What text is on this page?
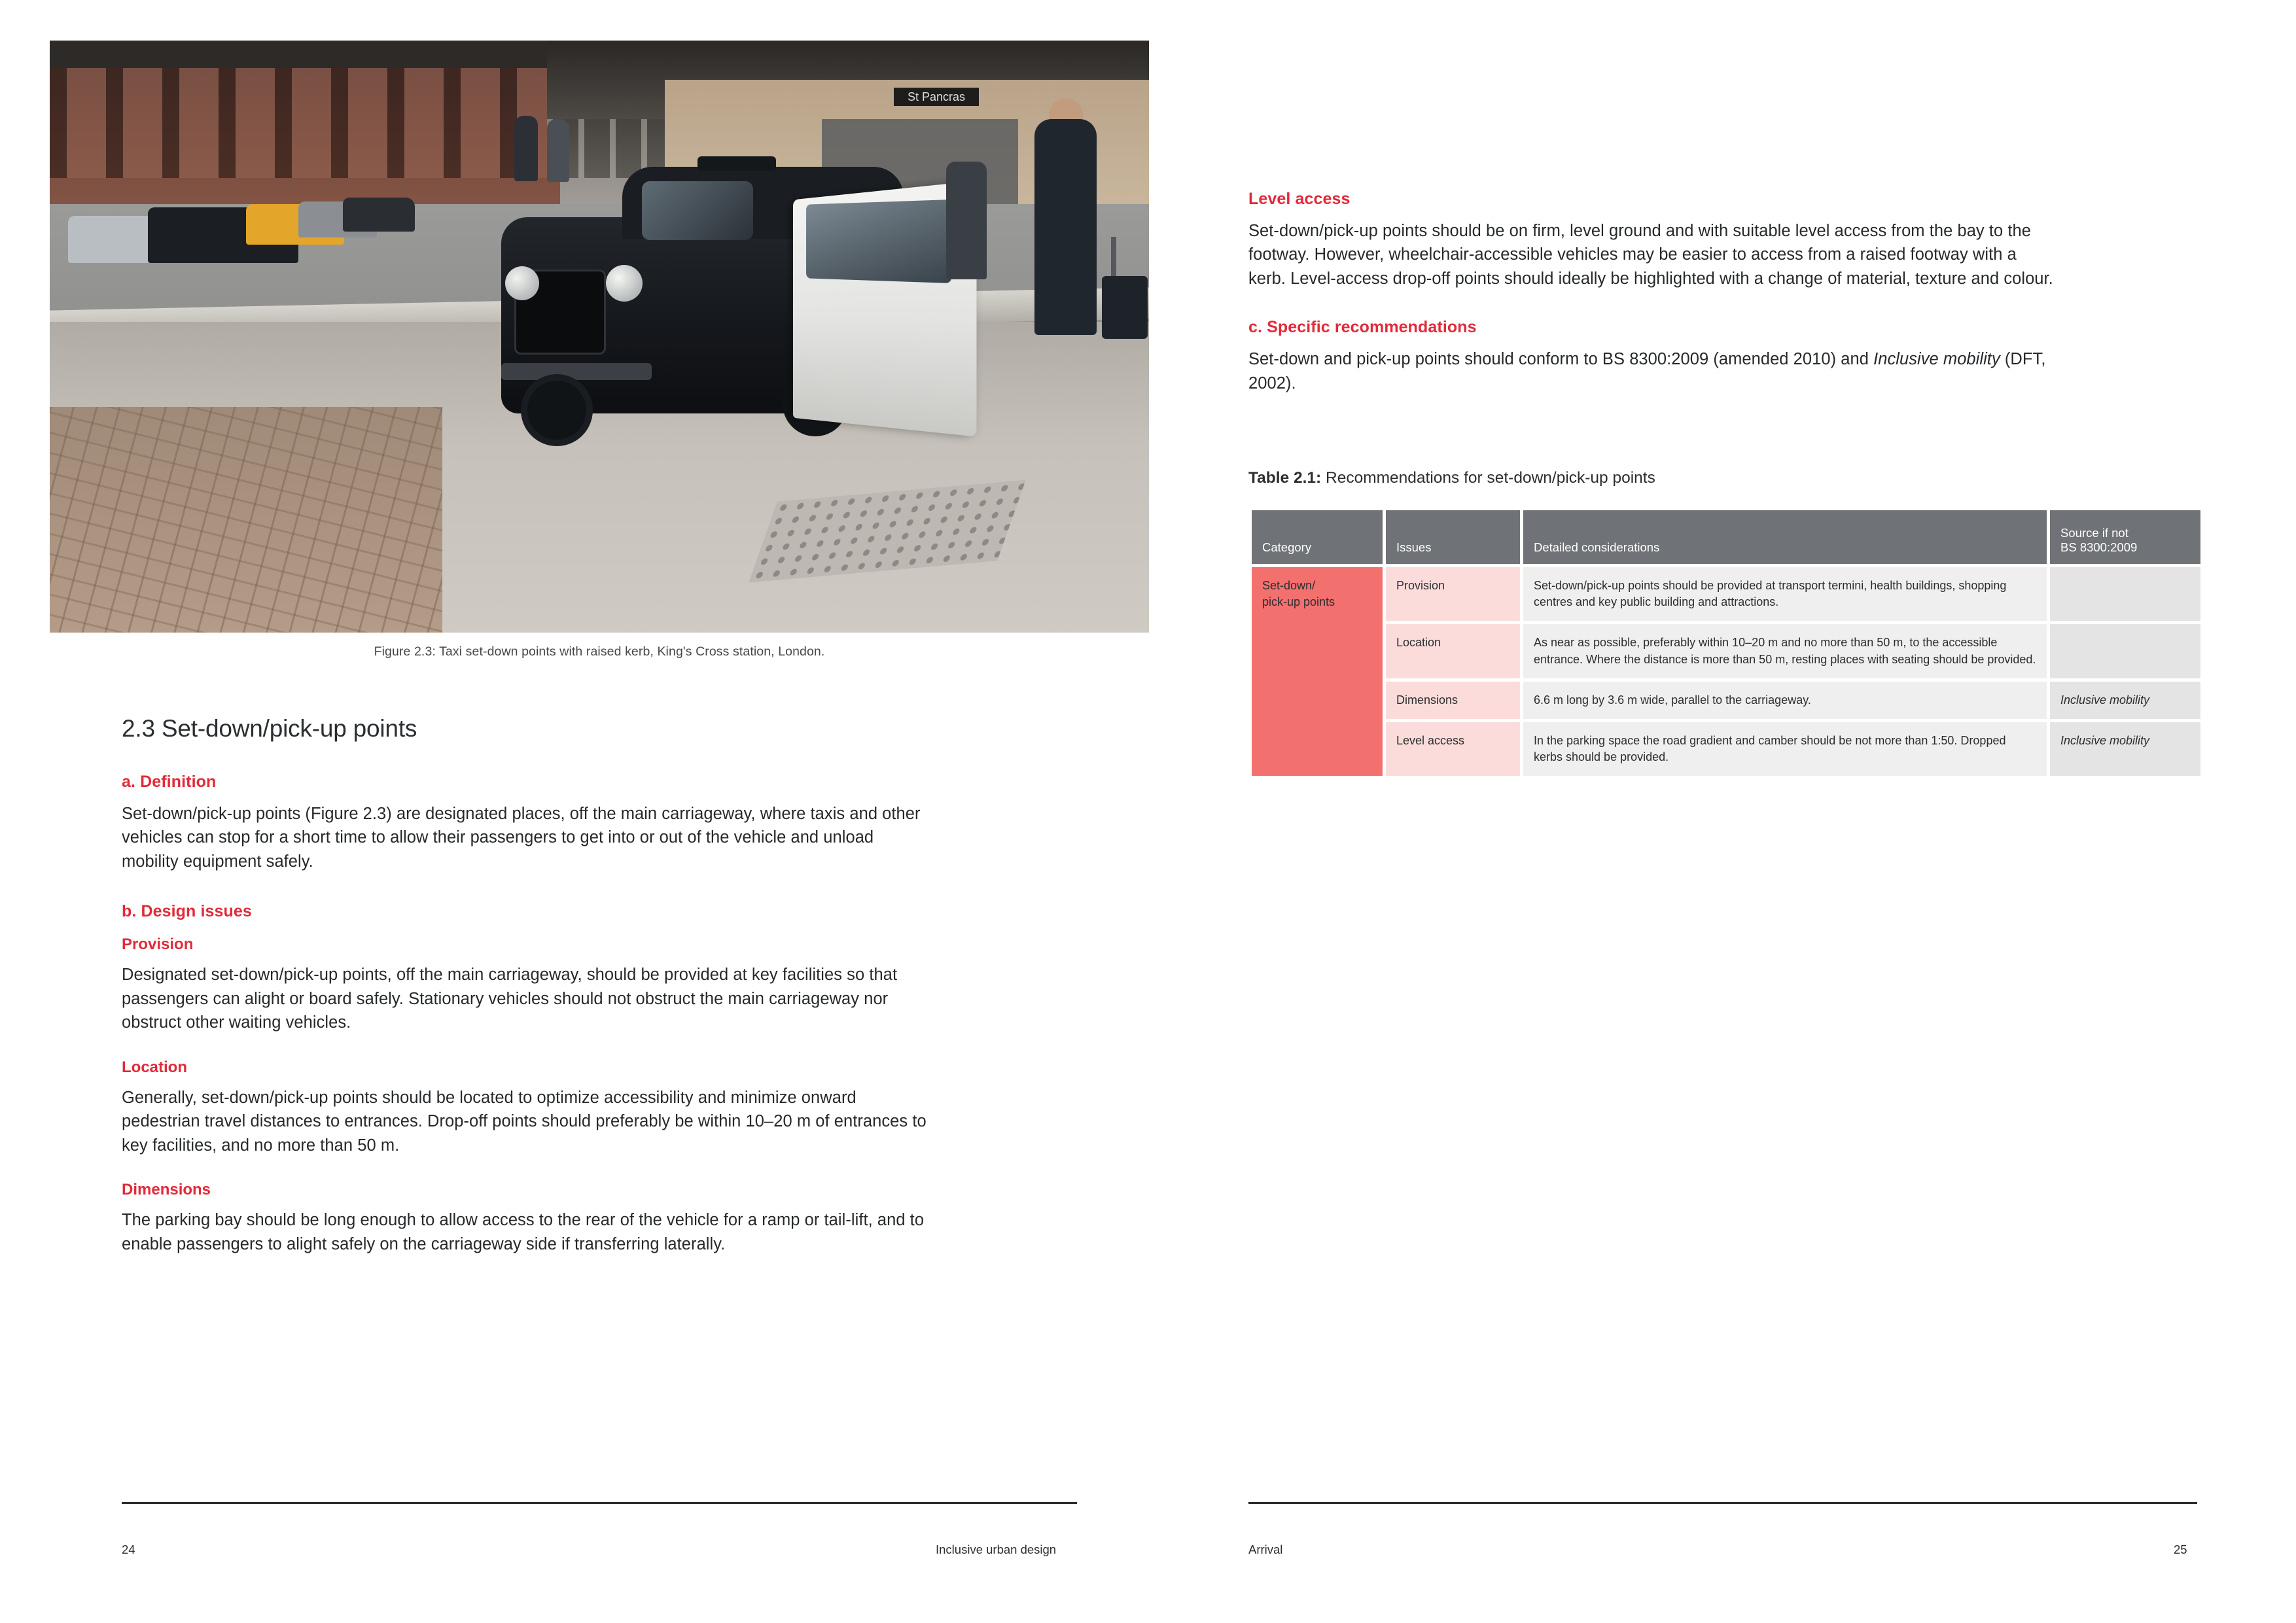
St Pancras
Figure 2.3: Taxi set-down points with raised kerb, King's Cross station, London.
2.3 Set-down/pick-up points
a. Definition

Set-down/pick-up points (Figure 2.3) are designated places, off the main carriageway, where taxis and other vehicles can stop for a short time to allow their passengers to get into or out of the vehicle and unload mobility equipment safely.

b. Design issues
Provision

Designated set-down/pick-up points, off the main carriageway, should be provided at key facilities so that passengers can alight or board safely. Stationary vehicles should not obstruct the main carriageway nor obstruct other waiting vehicles.

Location

Generally, set-down/pick-up points should be located to optimize accessibility and minimize onward pedestrian travel distances to entrances. Drop-off points should preferably be within 10–20 m of entrances to key facilities, and no more than 50 m.

Dimensions

The parking bay should be long enough to allow access to the rear of the vehicle for a ramp or tail-lift, and to enable passengers to alight safely on the carriageway side if transferring laterally.

24	Inclusive urban design
Level access

Set-down/pick-up points should be on firm, level ground and with suitable level access from the bay to the footway. However, wheelchair-accessible vehicles may be easier to access from a raised footway with a kerb. Level-access drop-off points should ideally be highlighted with a change of material, texture and colour.

c. Specific recommendations

Set-down and pick-up points should conform to BS 8300:2009 (amended 2010) and Inclusive mobility (DFT, 2002).

Table 2.1: Recommendations for set-down/pick-up points
Category	Issues	Detailed considerations	Source if not
BS 8300:2009
Set-down/
pick-up points	Provision	Set-down/pick-up points should be provided at transport termini, health buildings, shopping centres and key public building and attractions.	
	Location	As near as possible, preferably within 10–20 m and no more than 50 m, to the accessible entrance. Where the distance is more than 50 m, resting places with seating should be provided.	
	Dimensions	6.6 m long by 3.6 m wide, parallel to the carriageway.	Inclusive mobility
	Level access	In the parking space the road gradient and camber should be not more than 1:50. Dropped kerbs should be provided.	Inclusive mobility
Arrival	25
